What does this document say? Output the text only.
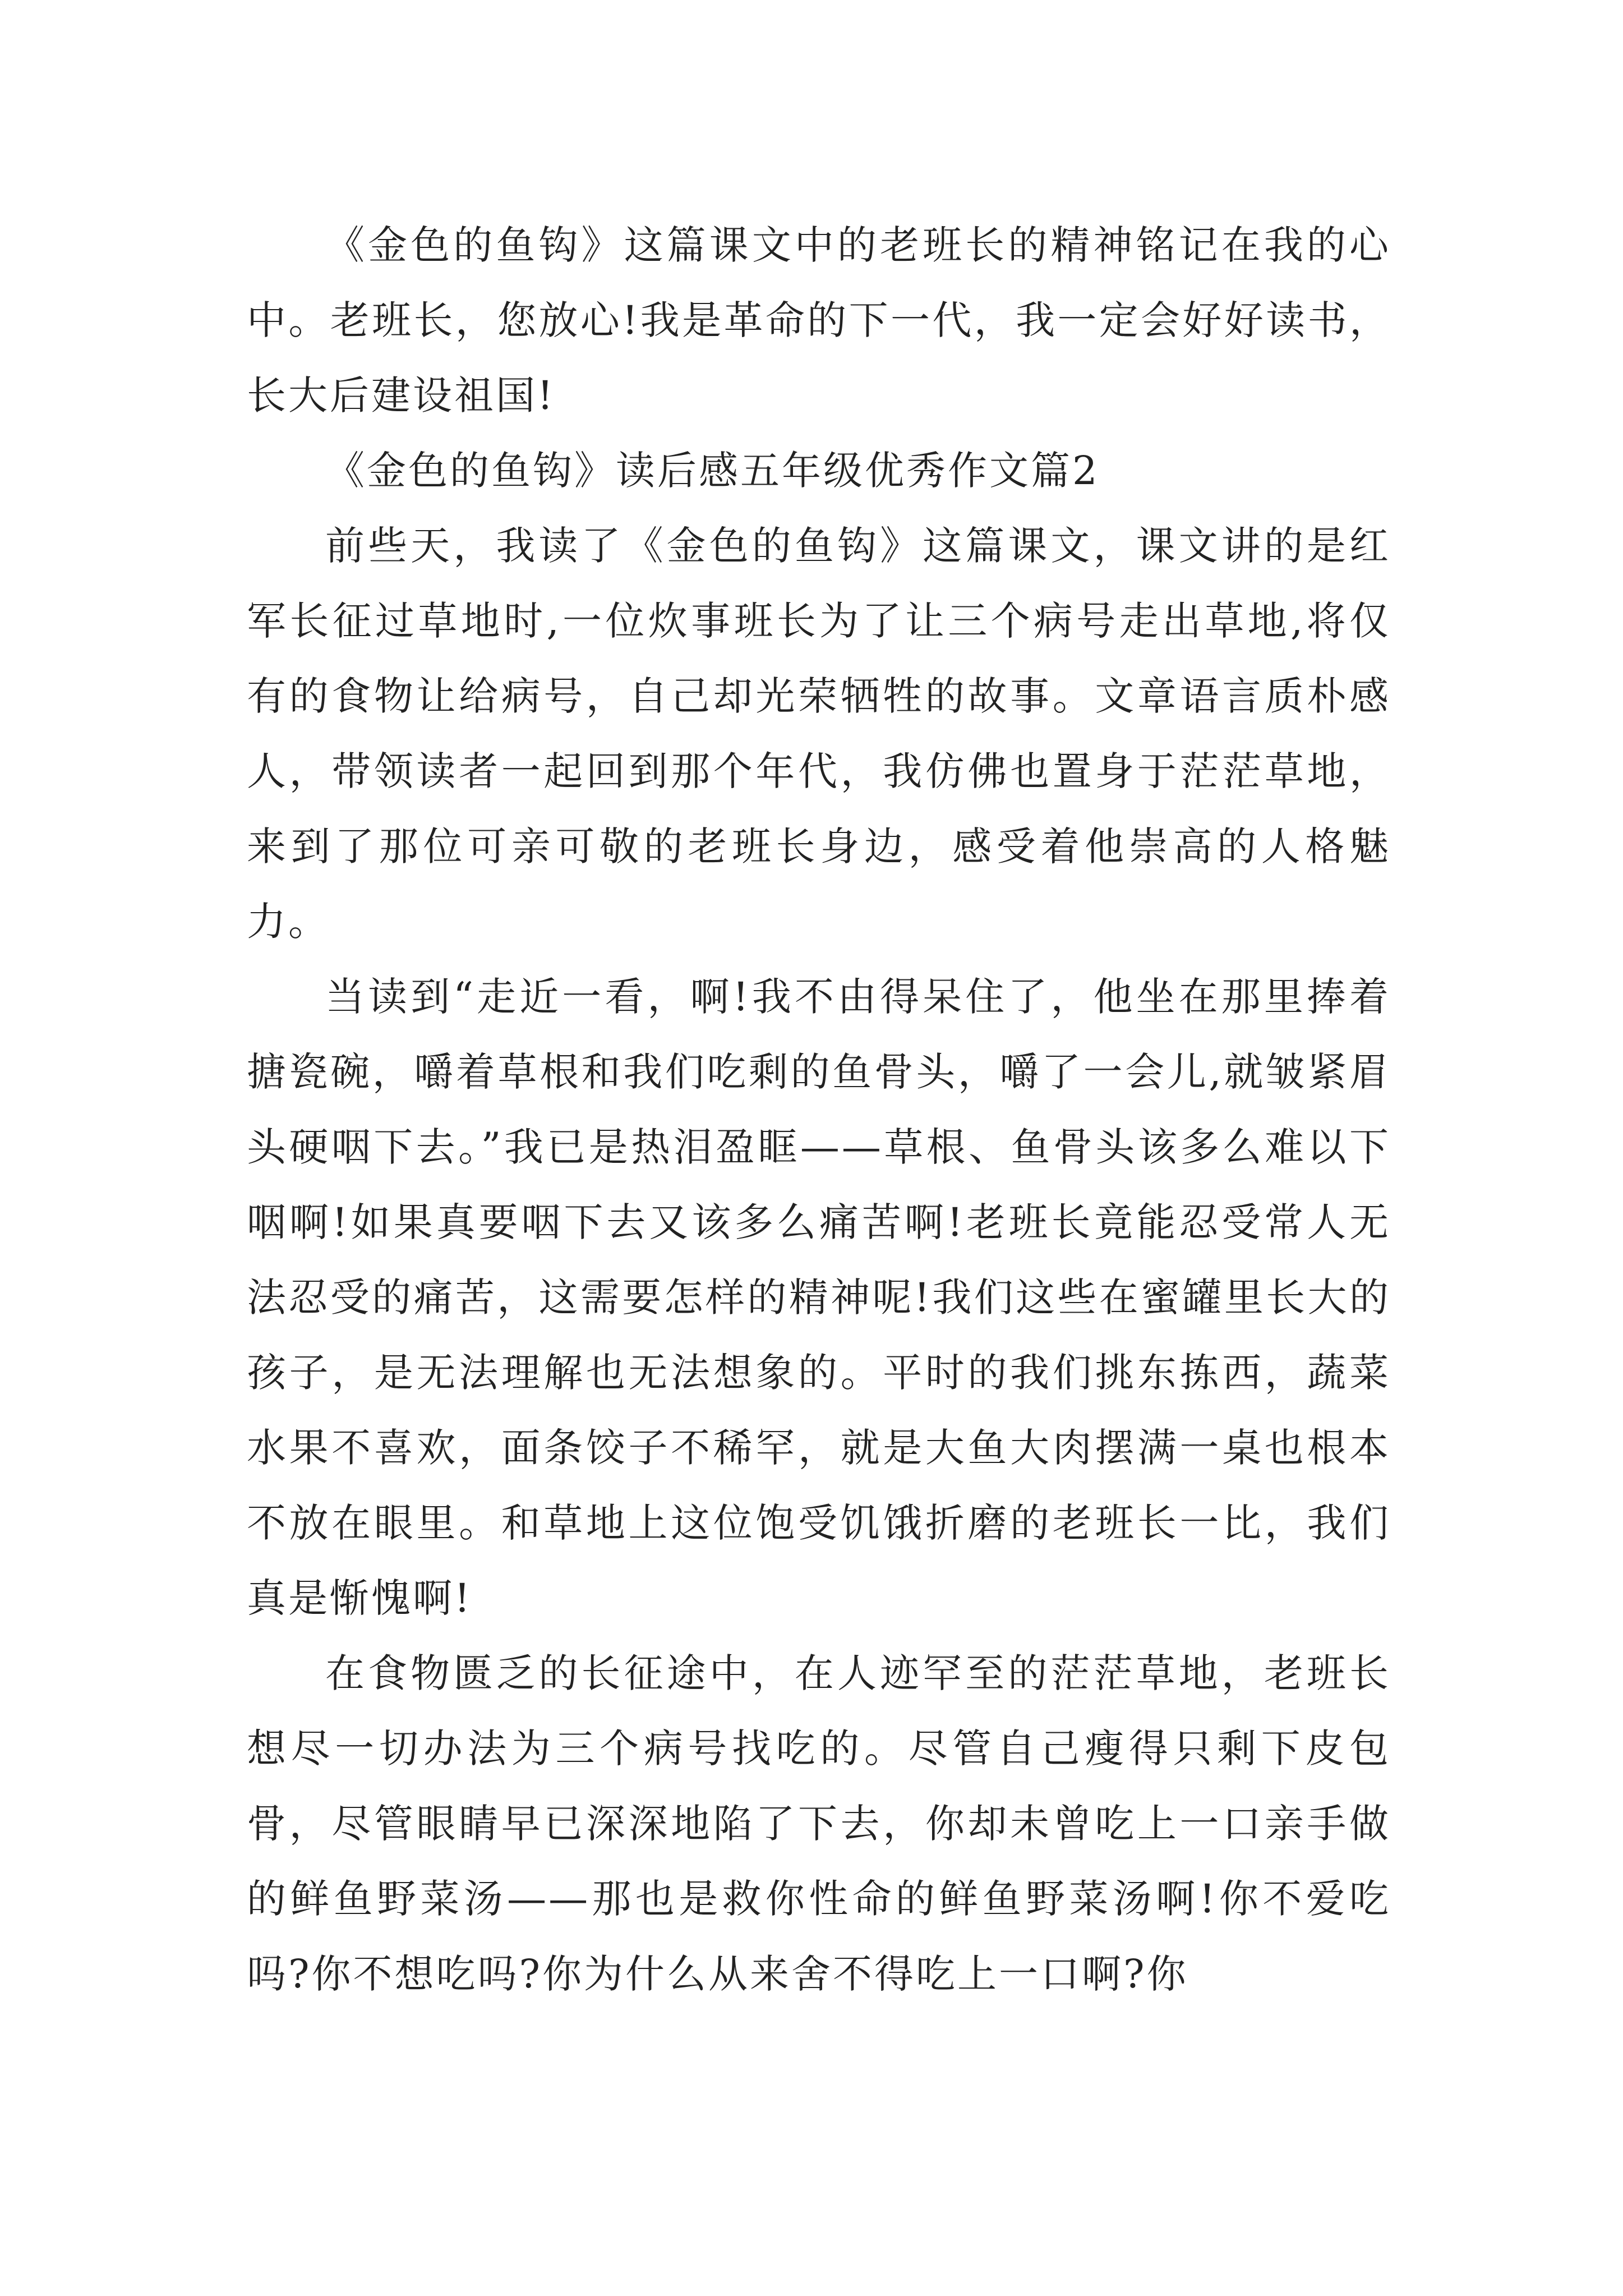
《金色的鱼钩》这篇课文中的老班长的精神铭记在我的心中。老班长，您放心!我是革命的下一代，我一定会好好读书，长大后建设祖国!

《金色的鱼钩》读后感五年级优秀作文篇2

前些天，我读了《金色的鱼钩》这篇课文，课文讲的是红军长征过草地时,一位炊事班长为了让三个病号走出草地,将仅有的食物让给病号，自己却光荣牺牲的故事。文章语言质朴感人，带领读者一起回到那个年代，我仿佛也置身于茫茫草地，来到了那位可亲可敬的老班长身边，感受着他崇高的人格魅力。

当读到“走近一看，啊!我不由得呆住了，他坐在那里捧着搪瓷碗，嚼着草根和我们吃剩的鱼骨头，嚼了一会儿,就皱紧眉头硬咽下去。”我已是热泪盈眶——草根、鱼骨头该多么难以下咽啊!如果真要咽下去又该多么痛苦啊!老班长竟能忍受常人无法忍受的痛苦，这需要怎样的精神呢!我们这些在蜜罐里长大的孩子，是无法理解也无法想象的。平时的我们挑东拣西，蔬菜水果不喜欢，面条饺子不稀罕，就是大鱼大肉摆满一桌也根本不放在眼里。和草地上这位饱受饥饿折磨的老班长一比，我们真是惭愧啊!

在食物匮乏的长征途中，在人迹罕至的茫茫草地，老班长想尽一切办法为三个病号找吃的。尽管自己瘦得只剩下皮包骨，尽管眼睛早已深深地陷了下去，你却未曾吃上一口亲手做的鲜鱼野菜汤——那也是救你性命的鲜鱼野菜汤啊!你不爱吃吗?你不想吃吗?你为什么从来舍不得吃上一口啊?你
